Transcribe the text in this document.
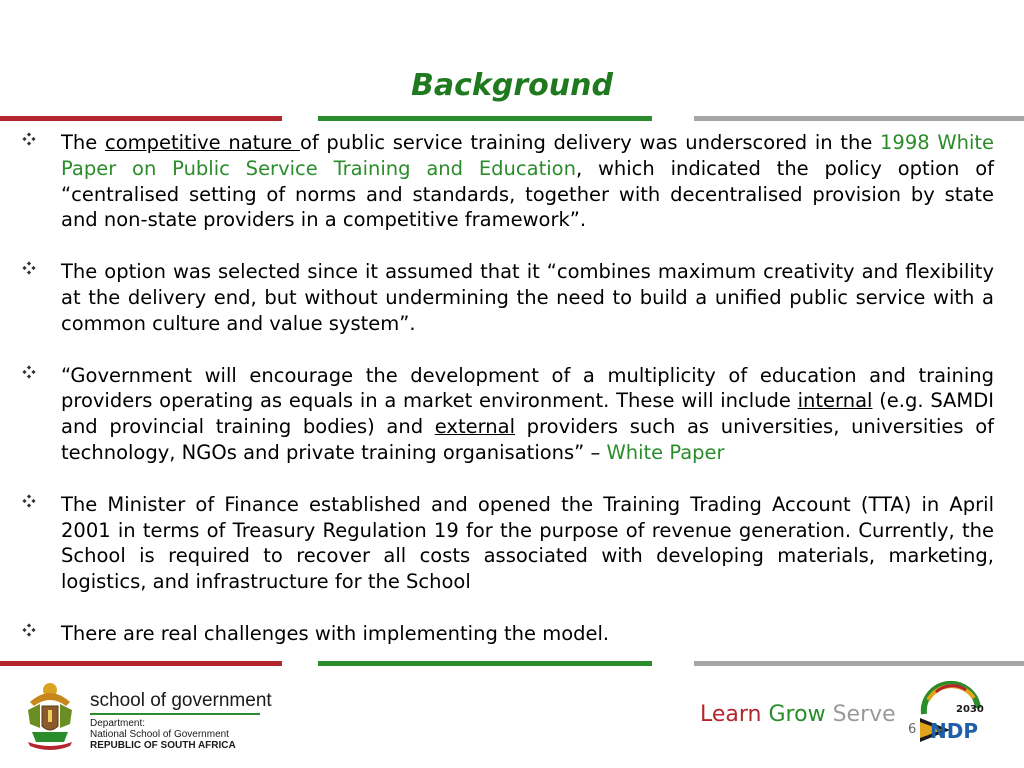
Background
The competitive nature of public service training delivery was underscored in the 1998 White Paper on Public Service Training and Education, which indicated the policy option of “centralised setting of norms and standards, together with decentralised provision by state and non-state providers in a competitive framework”.
The option was selected since it assumed that it “combines maximum creativity and flexibility at the delivery end, but without undermining the need to build a unified public service with a common culture and value system”.
“Government will encourage the development of a multiplicity of education and training providers operating as equals in a market environment. These will include internal (e.g. SAMDI and provincial training bodies) and external providers such as universities, universities of technology, NGOs and private training organisations” – White Paper
The Minister of Finance established and opened the Training Trading Account (TTA) in April 2001 in terms of Treasury Regulation 19 for the purpose of revenue generation. Currently, the School is required to recover all costs associated with developing materials, marketing, logistics, and infrastructure for the School
There are real challenges with implementing the model.
school of government
Department:
National School of Government
REPUBLIC OF SOUTH AFRICA
Learn Grow Serve
6
2030
NDP
